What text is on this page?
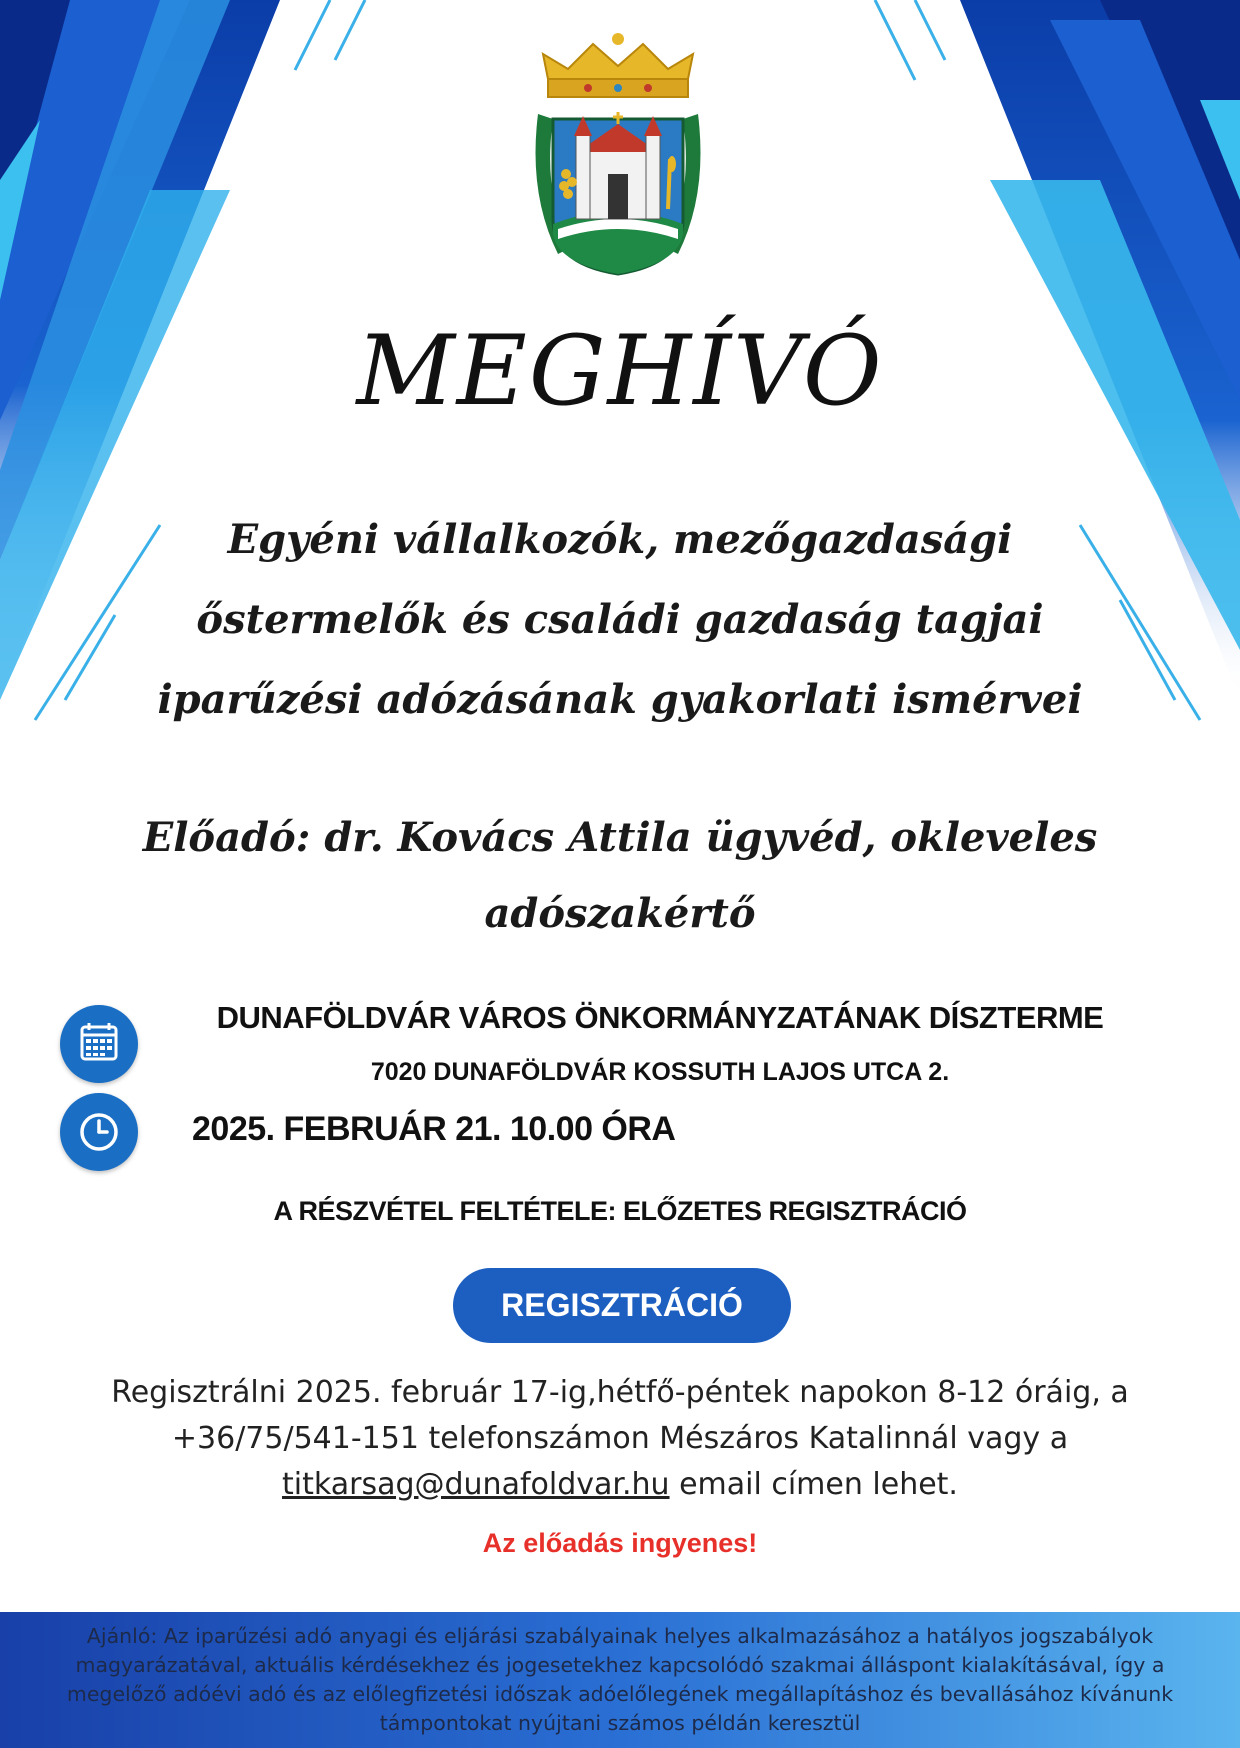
MEGHÍVÓ
Egyéni vállalkozók, mezőgazdasági
őstermelők és családi gazdaság tagjai
iparűzési adózásának gyakorlati ismérvei
Előadó: dr. Kovács Attila ügyvéd, okleveles
adószakértő
DUNAFÖLDVÁR VÁROS ÖNKORMÁNYZATÁNAK DÍSZTERME
7020 DUNAFÖLDVÁR KOSSUTH LAJOS UTCA 2.
2025. FEBRUÁR 21. 10.00 ÓRA
A RÉSZVÉTEL FELTÉTELE: ELŐZETES REGISZTRÁCIÓ
REGISZTRÁCIÓ
Regisztrálni 2025. február 17-ig,hétfő-péntek napokon 8-12 óráig, a
+36/75/541-151 telefonszámon Mészáros Katalinnál vagy a
titkarsag@dunafoldvar.hu email címen lehet.
Az előadás ingyenes!
Ajánló: Az iparűzési adó anyagi és eljárási szabályainak helyes alkalmazásához a hatályos jogszabályok
magyarázatával, aktuális kérdésekhez és jogesetekhez kapcsolódó szakmai álláspont kialakításával, így a
megelőző adóévi adó és az előlegfizetési időszak adóelőlegének megállapításhoz és bevallásához kívánunk
támpontokat nyújtani számos példán keresztül
